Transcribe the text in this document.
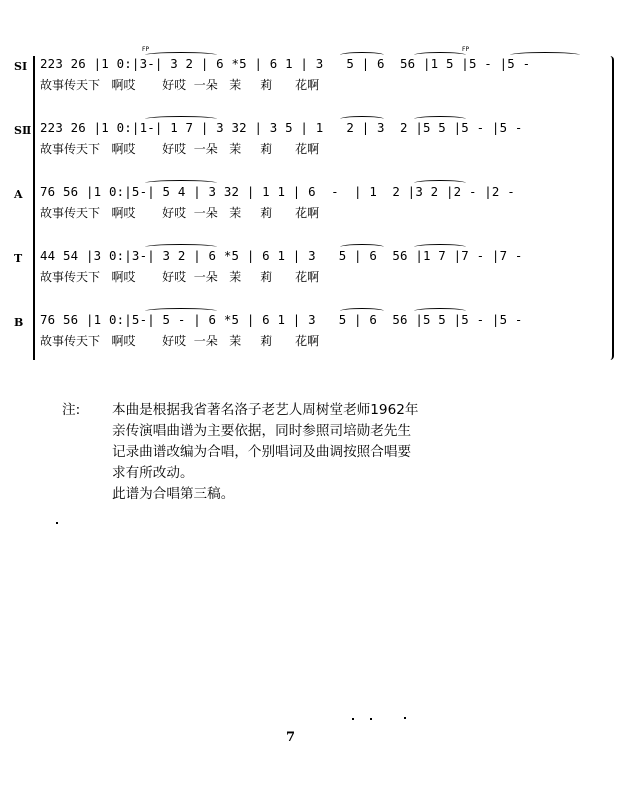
SⅠ	223 26 |1 0:|3-| 3 2 | 6 *5 | 6 1 | 3   5 | 6  56 |1 5 |5 - |5 -
故事传天下   啊哎       好哎  一朵   茉     莉      花啊
FP	FP
SⅡ 223 26 |1 0:|1-| 1 7 | 3 32 | 3 5 | 1   2 | 3  2 |5 5 |5 - |5 -
故事传天下   啊哎       好哎  一朵   茉     莉      花啊
A	76 56 |1 0:|5-| 5 4 | 3 32 | 1 1 | 6  -  | 1  2 |3 2 |2 - |2 -
故事传天下   啊哎       好哎  一朵   茉     莉      花啊
T	44 54 |3 0:|3-| 3 2 | 6 *5 | 6 1 | 3   5 | 6  56 |1 7 |7 - |7 -
故事传天下   啊哎       好哎  一朵   茉     莉      花啊
B	76 56 |1 0:|5-| 5 - | 6 *5 | 6 1 | 3   5 | 6  56 |5 5 |5 - |5 -
故事传天下   啊哎       好哎  一朵   茉     莉      花啊
注: 本曲是根据我省著名洛子老艺人周树堂老师1962年
亲传演唱曲谱为主要依据，同时参照司培勋老先生
记录曲谱改编为合唱，个别唱词及曲调按照合唱要
求有所改动。
此谱为合唱第三稿。
7
